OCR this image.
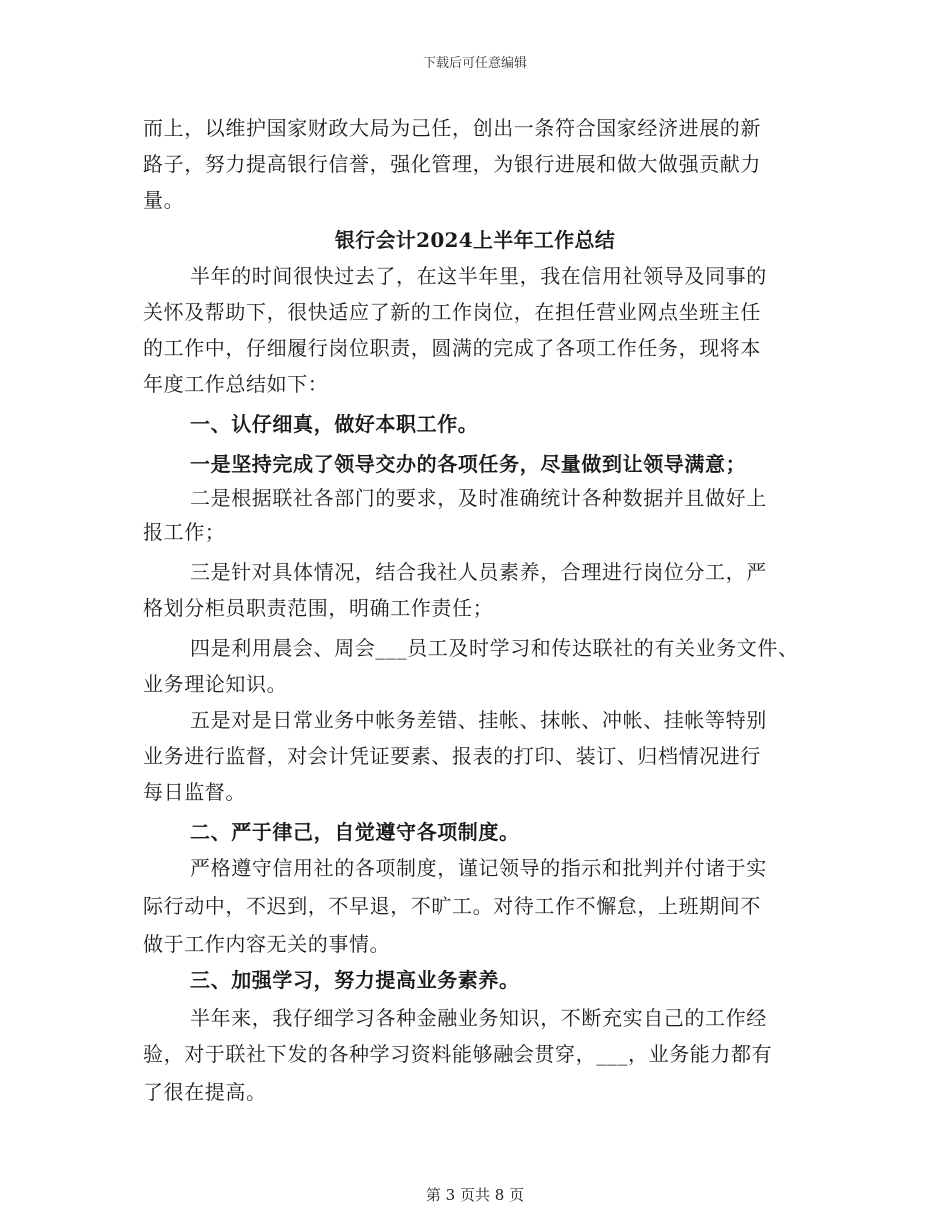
下载后可任意编辑
而上，以维护国家财政大局为己任，创出一条符合国家经济进展的新
路子，努力提高银行信誉，强化管理，为银行进展和做大做强贡献力
量。
银行会计2024上半年工作总结
半年的时间很快过去了，在这半年里，我在信用社领导及同事的
关怀及帮助下，很快适应了新的工作岗位，在担任营业网点坐班主任
的工作中，仔细履行岗位职责，圆满的完成了各项工作任务，现将本
年度工作总结如下：
一、认仔细真，做好本职工作。
一是坚持完成了领导交办的各项任务，尽量做到让领导满意；
二是根据联社各部门的要求，及时准确统计各种数据并且做好上
报工作；
三是针对具体情况，结合我社人员素养，合理进行岗位分工，严
格划分柜员职责范围，明确工作责任；
四是利用晨会、周会___员工及时学习和传达联社的有关业务文件、
业务理论知识。
五是对是日常业务中帐务差错、挂帐、抹帐、冲帐、挂帐等特别
业务进行监督，对会计凭证要素、报表的打印、装订、归档情况进行
每日监督。
二、严于律己，自觉遵守各项制度。
严格遵守信用社的各项制度，谨记领导的指示和批判并付诸于实
际行动中，不迟到，不早退，不旷工。对待工作不懈怠，上班期间不
做于工作内容无关的事情。
三、加强学习，努力提高业务素养。
半年来，我仔细学习各种金融业务知识，不断充实自己的工作经
验，对于联社下发的各种学习资料能够融会贯穿，___，业务能力都有
了很在提高。
第 3 页共 8 页
